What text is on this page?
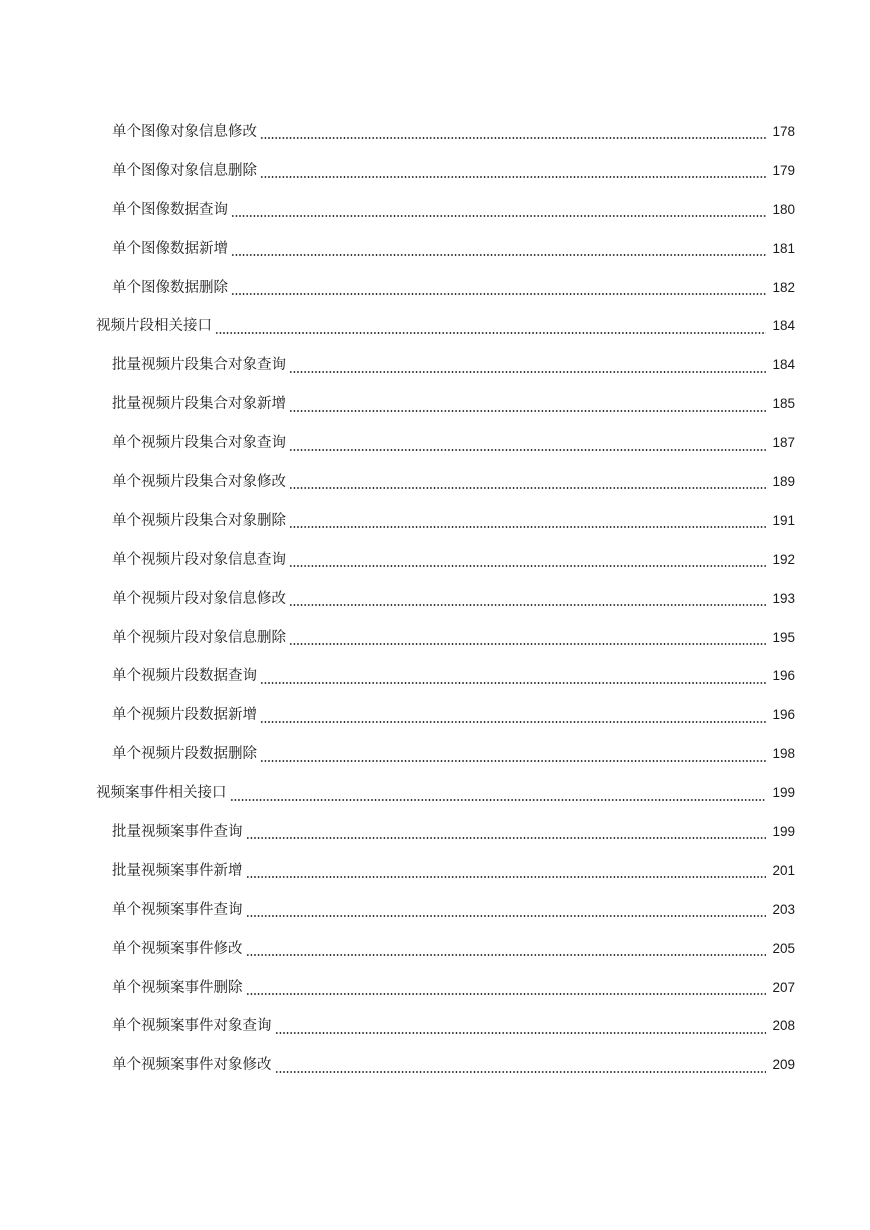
单个图像对象信息修改	178
单个图像对象信息删除	179
单个图像数据查询	180
单个图像数据新增	181
单个图像数据删除	182
视频片段相关接口	184
批量视频片段集合对象查询	184
批量视频片段集合对象新增	185
单个视频片段集合对象查询	187
单个视频片段集合对象修改	189
单个视频片段集合对象删除	191
单个视频片段对象信息查询	192
单个视频片段对象信息修改	193
单个视频片段对象信息删除	195
单个视频片段数据查询	196
单个视频片段数据新增	196
单个视频片段数据删除	198
视频案事件相关接口	199
批量视频案事件查询	199
批量视频案事件新增	201
单个视频案事件查询	203
单个视频案事件修改	205
单个视频案事件删除	207
单个视频案事件对象查询	208
单个视频案事件对象修改	209
